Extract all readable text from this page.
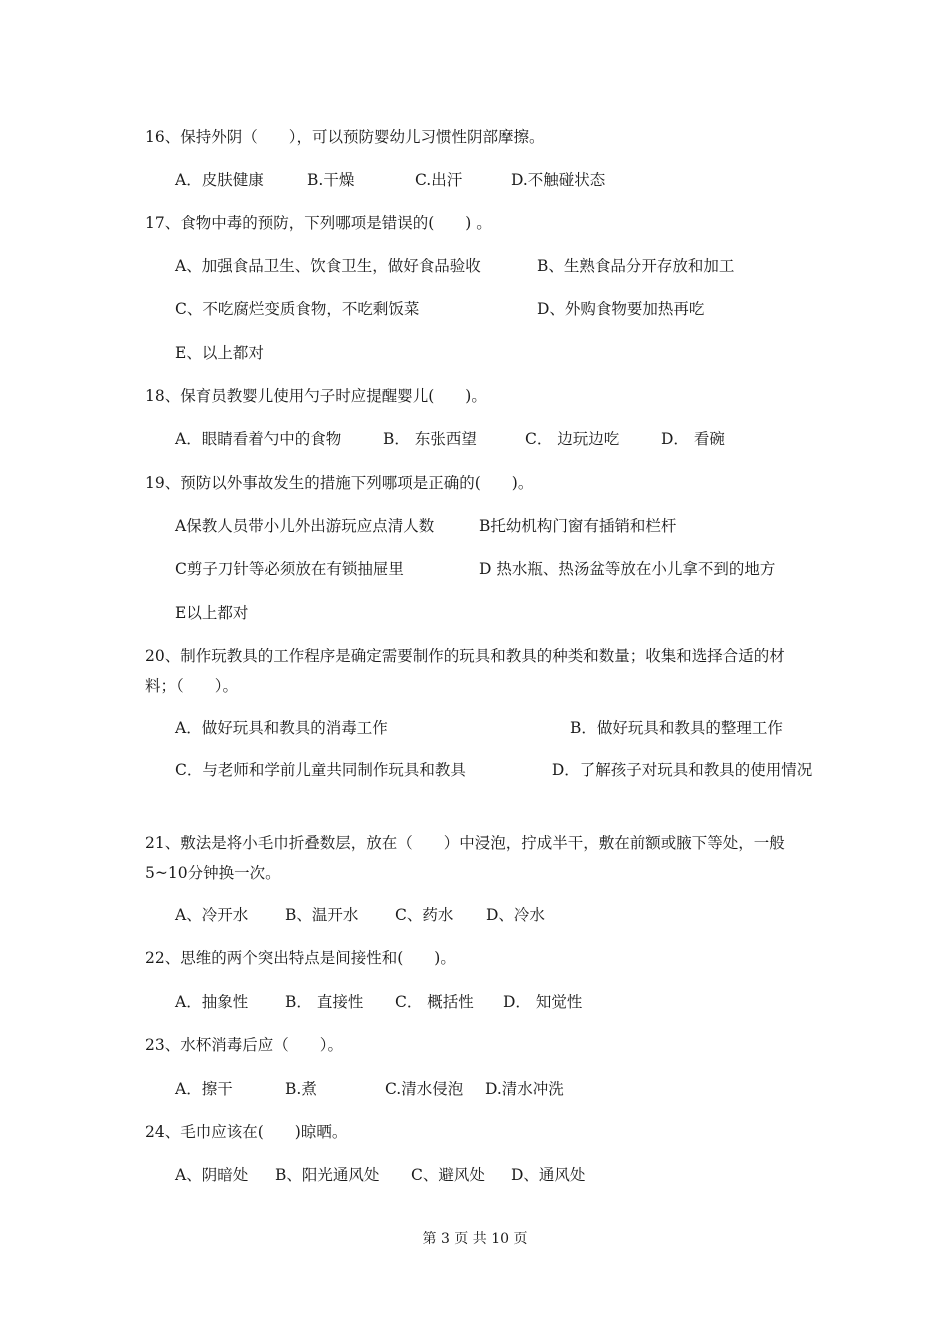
16、保持外阴（　　），可以预防婴幼儿习惯性阴部摩擦。
A．皮肤健康	B.干燥	C.出汗	D.不触碰状态
17、食物中毒的预防，下列哪项是错误的(　　) 。
A、加强食品卫生、饮食卫生，做好食品验收	B、生熟食品分开存放和加工
C、不吃腐烂变质食物，不吃剩饭菜	D、外购食物要加热再吃
E、以上都对
18、保育员教婴儿使用勺子时应提醒婴儿(　　)。
A．眼睛看着勺中的食物	B． 东张西望	C． 边玩边吃	D． 看碗
19、预防以外事故发生的措施下列哪项是正确的(　　)。
A保教人员带小儿外出游玩应点清人数	B托幼机构门窗有插销和栏杆
C剪子刀针等必须放在有锁抽屉里	D 热水瓶、热汤盆等放在小儿拿不到的地方
E以上都对
20、制作玩教具的工作程序是确定需要制作的玩具和教具的种类和数量；收集和选择合适的材料；（　　）。
A．做好玩具和教具的消毒工作	B．做好玩具和教具的整理工作
C．与老师和学前儿童共同制作玩具和教具	D．了解孩子对玩具和教具的使用情况
21、敷法是将小毛巾折叠数层，放在（　　）中浸泡，拧成半干，敷在前额或腋下等处，一般5~10分钟换一次。
A、冷开水 B、温开水 C、药水 D、冷水
22、思维的两个突出特点是间接性和(　　)。
A．抽象性 B． 直接性 C． 概括性 D． 知觉性
23、水杯消毒后应（　　）。
A．擦干	B.煮	C.清水侵泡 D.清水冲洗
24、毛巾应该在(　　)晾晒。
A、阴暗处 B、阳光通风处 C、避风处 D、通风处
第 3 页 共 10 页
